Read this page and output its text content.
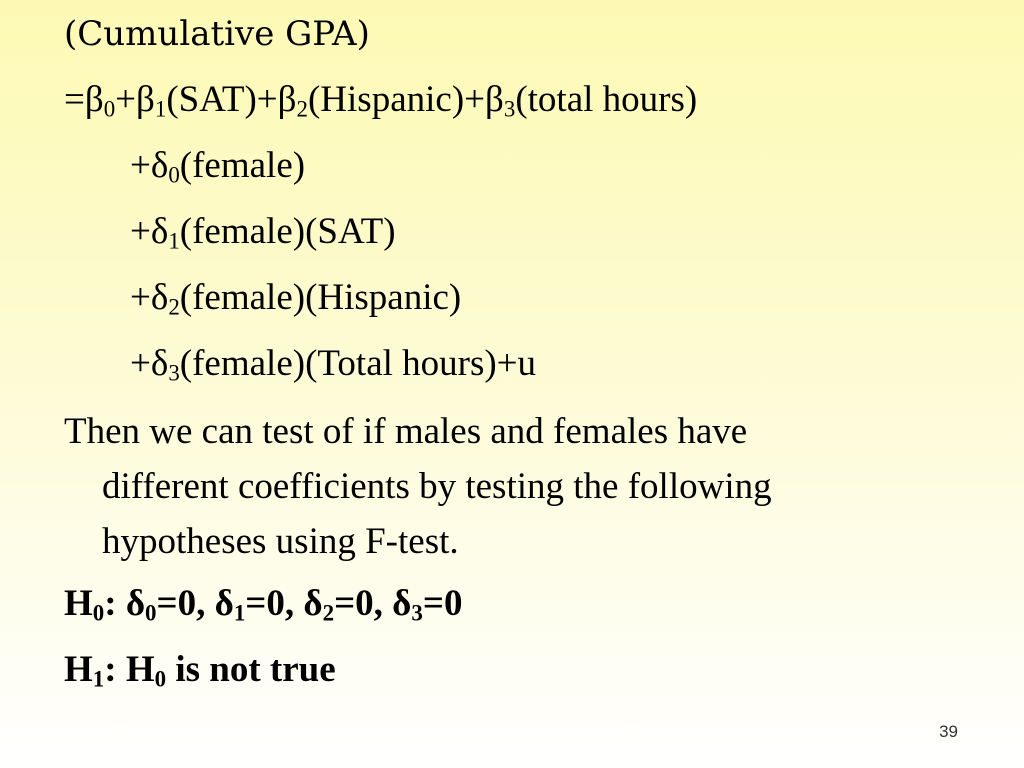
(Cumulative GPA)
$=\beta_0+\beta_1(SAT)+\beta_2(Hispanic)+\beta_3(total$ hours)
$+\delta_0(female)$
$+\delta_1(female)(SAT)$
$+\delta_2(female)(Hispanic)$
$+\delta_3(female)(Total$ hours)+u
Then we can test of if males and females have
different coefficients by testing the following
hypotheses using F-test.
$H_0$: $\delta_0=0$, $\delta_1=0$, $\delta_2=0$, $\delta_3=0$
$H_1$: $H_0$ is not true
39
